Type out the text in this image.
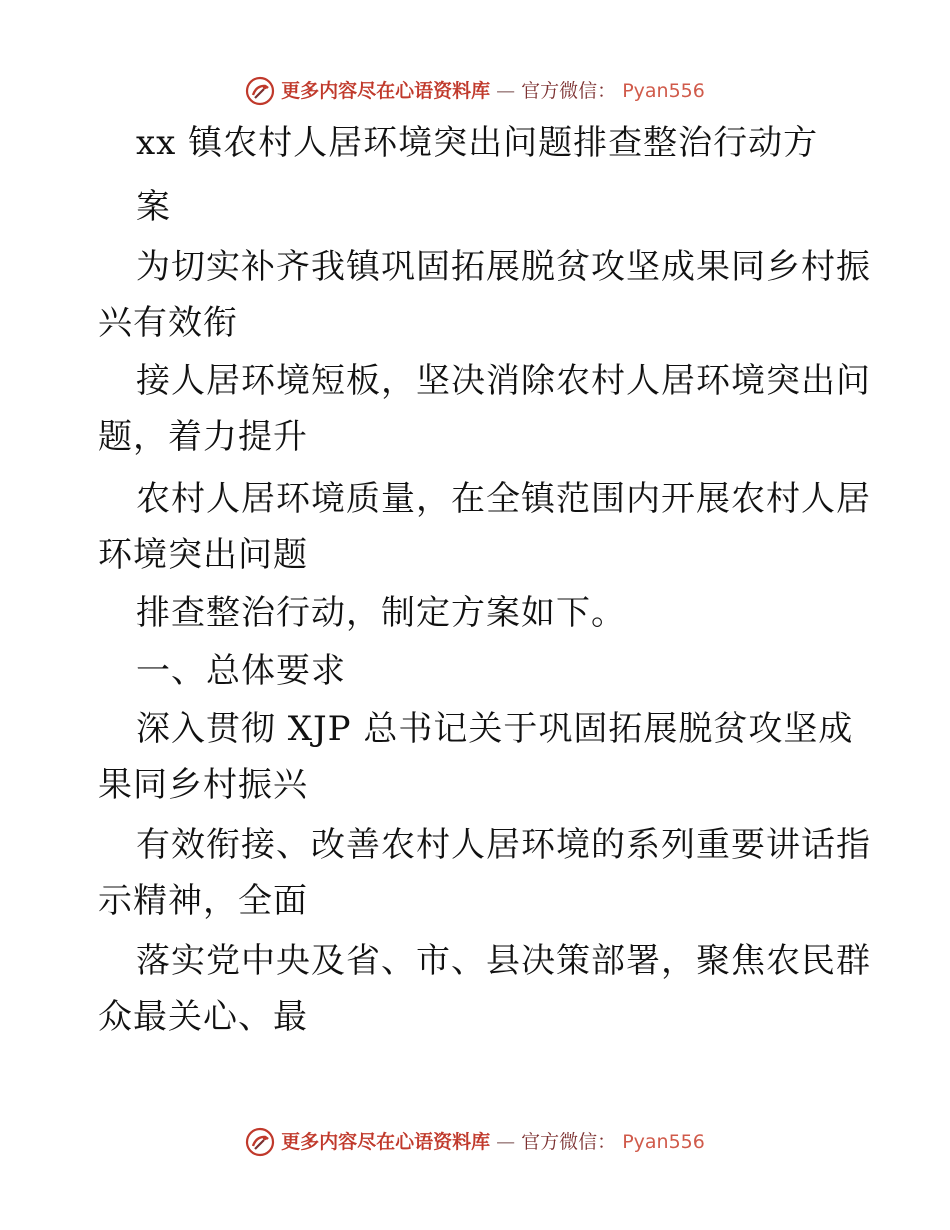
更多内容尽在心语资料库 — 官方微信： Pyan556
xx 镇农村人居环境突出问题排查整治行动方
案
为切实补齐我镇巩固拓展脱贫攻坚成果同乡村振
兴有效衔
接人居环境短板，坚决消除农村人居环境突出问
题，着力提升
农村人居环境质量，在全镇范围内开展农村人居
环境突出问题
排查整治行动，制定方案如下。
一、总体要求
深入贯彻 XJP 总书记关于巩固拓展脱贫攻坚成
果同乡村振兴
有效衔接、改善农村人居环境的系列重要讲话指
示精神，全面
落实党中央及省、市、县决策部署，聚焦农民群
众最关心、最
更多内容尽在心语资料库 — 官方微信： Pyan556
